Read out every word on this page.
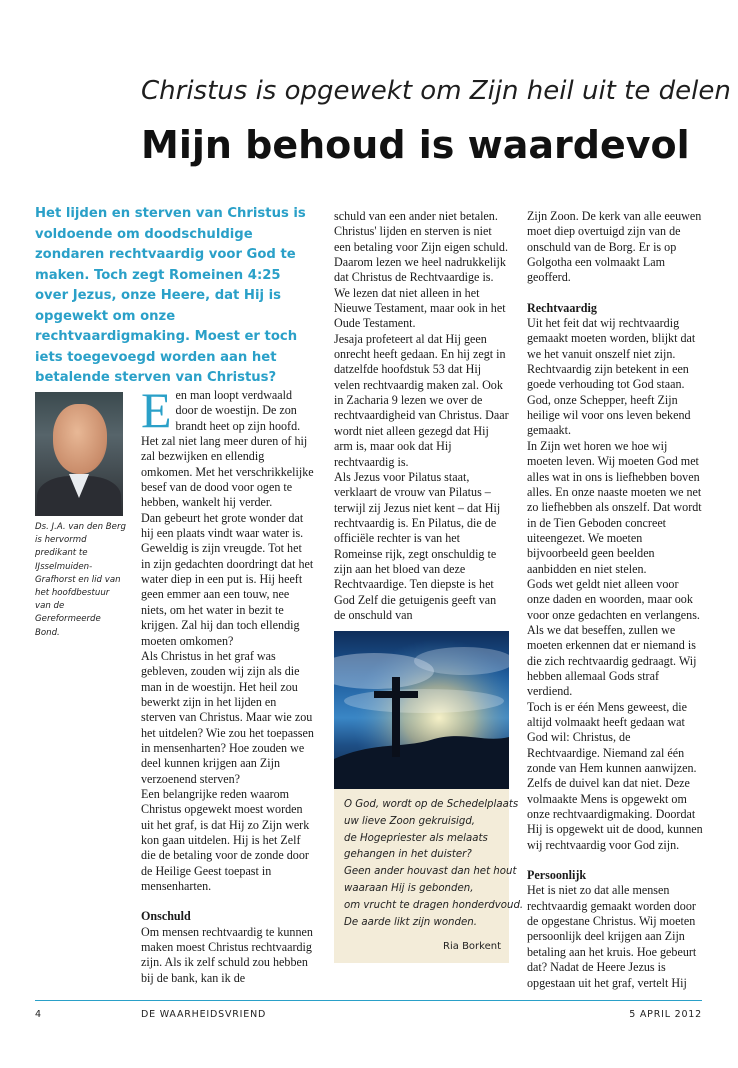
Christus is opgewekt om Zijn heil uit te delen
Mijn behoud is waardevol
Het lijden en sterven van Christus is voldoende om doodschuldige zondaren rechtvaardig voor God te maken. Toch zegt Romeinen 4:25 over Jezus, onze Heere, dat Hij is opgewekt om onze rechtvaardigmaking. Moest er toch iets toegevoegd worden aan het betalende sterven van Christus?
Ds. J.A. van den Berg is hervormd predikant te IJsselmuiden-Grafhorst en lid van het hoofdbestuur van de Gereformeerde Bond.

Een man loopt verdwaald door de woestijn. De zon brandt heet op zijn hoofd. Het zal niet lang meer duren of hij zal bezwijken en ellendig omkomen. Met het verschrikkelijke besef van de dood voor ogen te hebben, wankelt hij verder.

Dan gebeurt het grote wonder dat hij een plaats vindt waar water is. Geweldig is zijn vreugde. Tot het in zijn gedachten doordringt dat het water diep in een put is. Hij heeft geen emmer aan een touw, nee niets, om het water in bezit te krijgen. Zal hij dan toch ellendig moeten omkomen?

Als Christus in het graf was gebleven, zouden wij zijn als die man in de woestijn. Het heil zou bewerkt zijn in het lijden en sterven van Christus. Maar wie zou het uitdelen? Wie zou het toepassen in mensenharten? Hoe zouden we deel kunnen krijgen aan Zijn verzoenend sterven?

Een belangrijke reden waarom Christus opgewekt moest worden uit het graf, is dat Hij zo Zijn werk kon gaan uitdelen. Hij is het Zelf die de betaling voor de zonde door de Heilige Geest toepast in mensenharten.

Onschuld

Om mensen rechtvaardig te kunnen maken moest Christus rechtvaardig zijn. Als ik zelf schuld zou hebben bij de bank, kan ik de

schuld van een ander niet betalen. Christus' lijden en sterven is niet een betaling voor Zijn eigen schuld. Daarom lezen we heel nadrukkelijk dat Christus de Rechtvaardige is.

We lezen dat niet alleen in het Nieuwe Testament, maar ook in het Oude Testament.

Jesaja profeteert al dat Hij geen onrecht heeft gedaan. En hij zegt in datzelfde hoofdstuk 53 dat Hij velen rechtvaardig maken zal. Ook in Zacharia 9 lezen we over de rechtvaardigheid van Christus. Daar wordt niet alleen gezegd dat Hij arm is, maar ook dat Hij rechtvaardig is.

Als Jezus voor Pilatus staat, verklaart de vrouw van Pilatus – terwijl zij Jezus niet kent – dat Hij rechtvaardig is. En Pilatus, die de officiële rechter is van het Romeinse rijk, zegt onschuldig te zijn aan het bloed van deze Rechtvaardige. Ten diepste is het God Zelf die getuigenis geeft van de onschuld van

O God, wordt op de Schedelplaats
uw lieve Zoon gekruisigd,
de Hogepriester als melaats
gehangen in het duister?
Geen ander houvast dan het hout
waaraan Hij is gebonden,
om vrucht te dragen honderdvoud.
De aarde likt zijn wonden.
Ria Borkent

Zijn Zoon. De kerk van alle eeuwen moet diep overtuigd zijn van de onschuld van de Borg. Er is op Golgotha een volmaakt Lam geofferd.

Rechtvaardig

Uit het feit dat wij rechtvaardig gemaakt moeten worden, blijkt dat we het vanuit onszelf niet zijn. Rechtvaardig zijn betekent in een goede verhouding tot God staan. God, onze Schepper, heeft Zijn heilige wil voor ons leven bekend gemaakt.

In Zijn wet horen we hoe wij moeten leven. Wij moeten God met alles wat in ons is liefhebben boven alles. En onze naaste moeten we net zo liefhebben als onszelf. Dat wordt in de Tien Geboden concreet uiteengezet. We moeten bijvoorbeeld geen beelden aanbidden en niet stelen.

Gods wet geldt niet alleen voor onze daden en woorden, maar ook voor onze gedachten en verlangens. Als we dat beseffen, zullen we moeten erkennen dat er niemand is die zich rechtvaardig gedraagt. Wij hebben allemaal Gods straf verdiend.

Toch is er één Mens geweest, die altijd volmaakt heeft gedaan wat God wil: Christus, de Rechtvaardige. Niemand zal één zonde van Hem kunnen aanwijzen. Zelfs de duivel kan dat niet. Deze volmaakte Mens is opgewekt om onze rechtvaardigmaking. Doordat Hij is opgewekt uit de dood, kunnen wij rechtvaardig voor God zijn.

Persoonlijk

Het is niet zo dat alle mensen rechtvaardig gemaakt worden door de opgestane Christus. Wij moeten persoonlijk deel krijgen aan Zijn betaling aan het kruis. Hoe gebeurt dat? Nadat de Heere Jezus is opgestaan uit het graf, vertelt Hij

4	DE WAARHEIDSVRIEND	5 APRIL 2012
